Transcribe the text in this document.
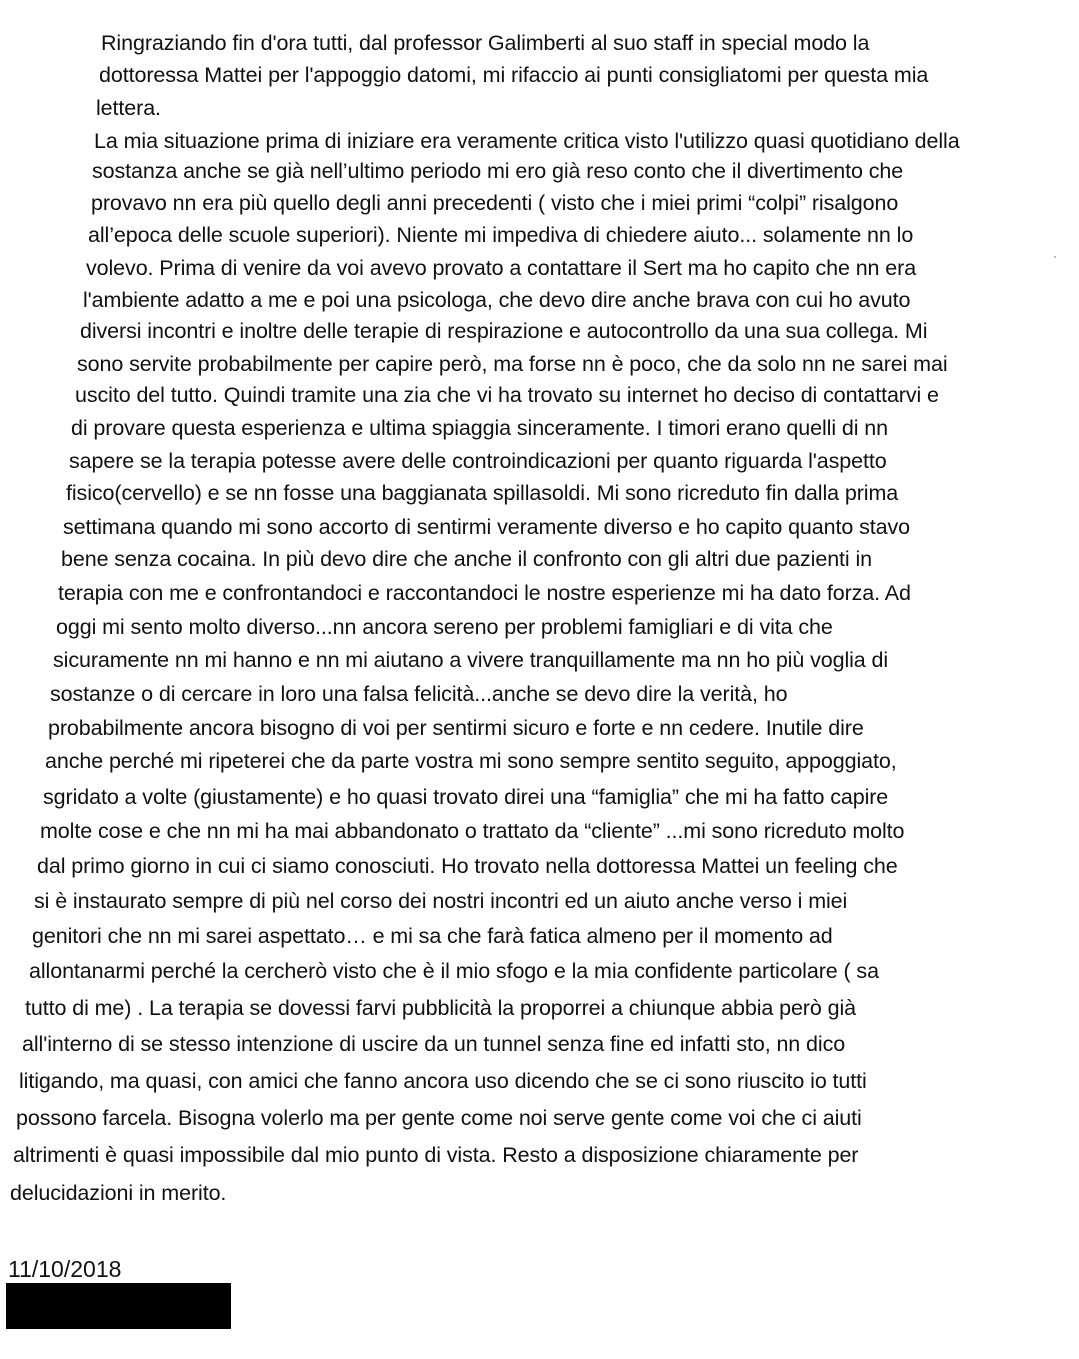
Ringraziando fin d'ora tutti, dal professor Galimberti al suo staff in special modo la
dottoressa Mattei per l'appoggio datomi, mi rifaccio ai punti consigliatomi per questa mia
lettera.
La mia situazione prima di iniziare era veramente critica visto l'utilizzo quasi quotidiano della
sostanza anche se già nell’ultimo periodo mi ero già reso conto che il divertimento che
provavo nn era più quello degli anni precedenti ( visto che i miei primi “colpi” risalgono
all’epoca delle scuole superiori). Niente mi impediva di chiedere aiuto... solamente nn lo
volevo. Prima di venire da voi avevo provato a contattare il Sert ma ho capito che nn era
l'ambiente adatto a me e poi una psicologa, che devo dire anche brava con cui ho avuto
diversi incontri e inoltre delle terapie di respirazione e autocontrollo da una sua collega. Mi
sono servite probabilmente per capire però, ma forse nn è poco, che da solo nn ne sarei mai
uscito del tutto. Quindi tramite una zia che vi ha trovato su internet ho deciso di contattarvi e
di provare questa esperienza e ultima spiaggia sinceramente. I timori erano quelli di nn
sapere se la terapia potesse avere delle controindicazioni per quanto riguarda l'aspetto
fisico(cervello) e se nn fosse una baggianata spillasoldi. Mi sono ricreduto fin dalla prima
settimana quando mi sono accorto di sentirmi veramente diverso e ho capito quanto stavo
bene senza cocaina. In più devo dire che anche il confronto con gli altri due pazienti in
terapia con me e confrontandoci e raccontandoci le nostre esperienze mi ha dato forza. Ad
oggi mi sento molto diverso...nn ancora sereno per problemi famigliari e di vita che
sicuramente nn mi hanno e nn mi aiutano a vivere tranquillamente ma nn ho più voglia di
sostanze o di cercare in loro una falsa felicità...anche se devo dire la verità, ho
probabilmente ancora bisogno di voi per sentirmi sicuro e forte e nn cedere. Inutile dire
anche perché mi ripeterei che da parte vostra mi sono sempre sentito seguito, appoggiato,
sgridato a volte (giustamente) e ho quasi trovato direi una “famiglia” che mi ha fatto capire
molte cose e che nn mi ha mai abbandonato o trattato da “cliente” ...mi sono ricreduto molto
dal primo giorno in cui ci siamo conosciuti. Ho trovato nella dottoressa Mattei un feeling che
si è instaurato sempre di più nel corso dei nostri incontri ed un aiuto anche verso i miei
genitori che nn mi sarei aspettato… e mi sa che farà fatica almeno per il momento ad
allontanarmi perché la cercherò visto che è il mio sfogo e la mia confidente particolare ( sa
tutto di me) . La terapia se dovessi farvi pubblicità la proporrei a chiunque abbia però già
all'interno di se stesso intenzione di uscire da un tunnel senza fine ed infatti sto, nn dico
litigando, ma quasi, con amici che fanno ancora uso dicendo che se ci sono riuscito io tutti
possono farcela. Bisogna volerlo ma per gente come noi serve gente come voi che ci aiuti
altrimenti è quasi impossibile dal mio punto di vista. Resto a disposizione chiaramente per
delucidazioni in merito.
11/10/2018
